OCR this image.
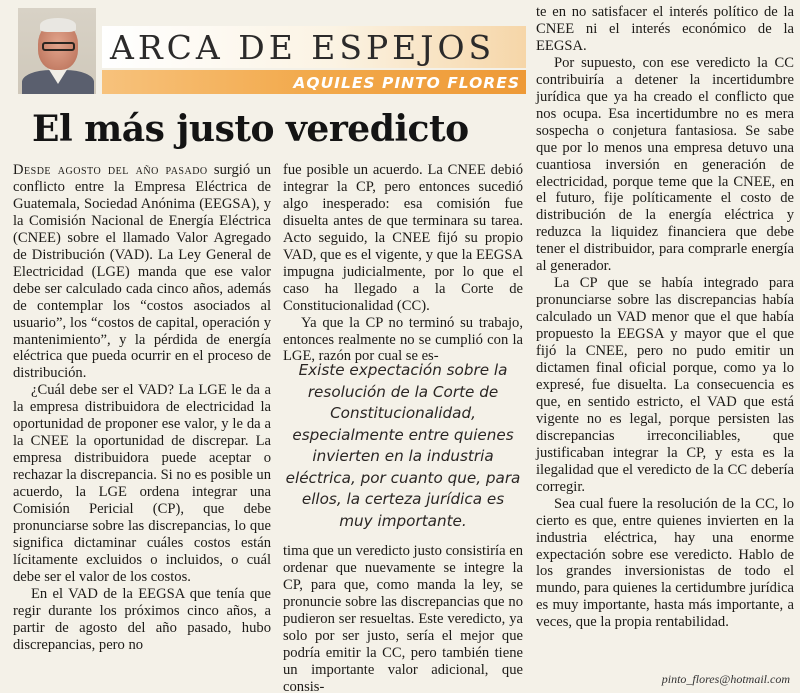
ARCA DE ESPEJOS
AQUILES PINTO FLORES
El más justo veredicto

Desde agosto del año pasado surgió un conflicto entre la Empresa Eléctrica de Guatemala, Sociedad Anónima (EEGSA), y la Comisión Nacional de Energía Eléctrica (CNEE) sobre el llamado Valor Agregado de Distribución (VAD). La Ley General de Electricidad (LGE) manda que ese valor debe ser calculado cada cinco años, además de contemplar los “costos asociados al usuario”, los “costos de capital, operación y mantenimiento”, y la pérdida de energía eléctrica que pueda ocurrir en el proceso de distribución.

¿Cuál debe ser el VAD? La LGE le da a la empresa distribuidora de electricidad la oportunidad de proponer ese valor, y le da a la CNEE la oportunidad de discrepar. La empresa distribuidora puede aceptar o rechazar la discrepancia. Si no es posible un acuerdo, la LGE ordena integrar una Comisión Pericial (CP), que debe pronunciarse sobre las discrepancias, lo que significa dictaminar cuáles costos están lícitamente excluidos o incluidos, o cuál debe ser el valor de los costos.

En el VAD de la EEGSA que tenía que regir durante los próximos cinco años, a partir de agosto del año pasado, hubo discrepancias, pero no

fue posible un acuerdo. La CNEE debió integrar la CP, pero entonces sucedió algo inesperado: esa comisión fue disuelta antes de que terminara su tarea. Acto seguido, la CNEE fijó su propio VAD, que es el vigente, y que la EEGSA impugna judicialmente, por lo que el caso ha llegado a la Corte de Constitucionalidad (CC).

Ya que la CP no terminó su trabajo, entonces realmente no se cumplió con la LGE, razón por cual se es-

Existe expectación sobre la resolución de la Corte de Constitucionalidad, especialmente entre quienes invierten en la industria eléctrica, por cuanto que, para ellos, la certeza jurídica es muy importante.

tima que un veredicto justo consistiría en ordenar que nuevamente se integre la CP, para que, como manda la ley, se pronuncie sobre las discrepancias que no pudieron ser resueltas. Este veredicto, ya solo por ser justo, sería el mejor que podría emitir la CC, pero también tiene un importante valor adicional, que consis-

te en no satisfacer el interés político de la CNEE ni el interés económico de la EEGSA.

Por supuesto, con ese veredicto la CC contribuiría a detener la incertidumbre jurídica que ya ha creado el conflicto que nos ocupa. Esa incertidumbre no es mera sospecha o conjetura fantasiosa. Se sabe que por lo menos una empresa detuvo una cuantiosa inversión en generación de electricidad, porque teme que la CNEE, en el futuro, fije políticamente el costo de distribución de la energía eléctrica y reduzca la liquidez financiera que debe tener el distribuidor, para comprarle energía al generador.

La CP que se había integrado para pronunciarse sobre las discrepancias había calculado un VAD menor que el que había propuesto la EEGSA y mayor que el que fijó la CNEE, pero no pudo emitir un dictamen final oficial porque, como ya lo expresé, fue disuelta. La consecuencia es que, en sentido estricto, el VAD que está vigente no es legal, porque persisten las discrepancias irreconciliables, que justificaban integrar la CP, y esta es la ilegalidad que el veredicto de la CC debería corregir.

Sea cual fuere la resolución de la CC, lo cierto es que, entre quienes invierten en la industria eléctrica, hay una enorme expectación sobre ese veredicto. Hablo de los grandes inversionistas de todo el mundo, para quienes la certidumbre jurídica es muy importante, hasta más importante, a veces, que la propia rentabilidad.

pinto_flores@hotmail.com
